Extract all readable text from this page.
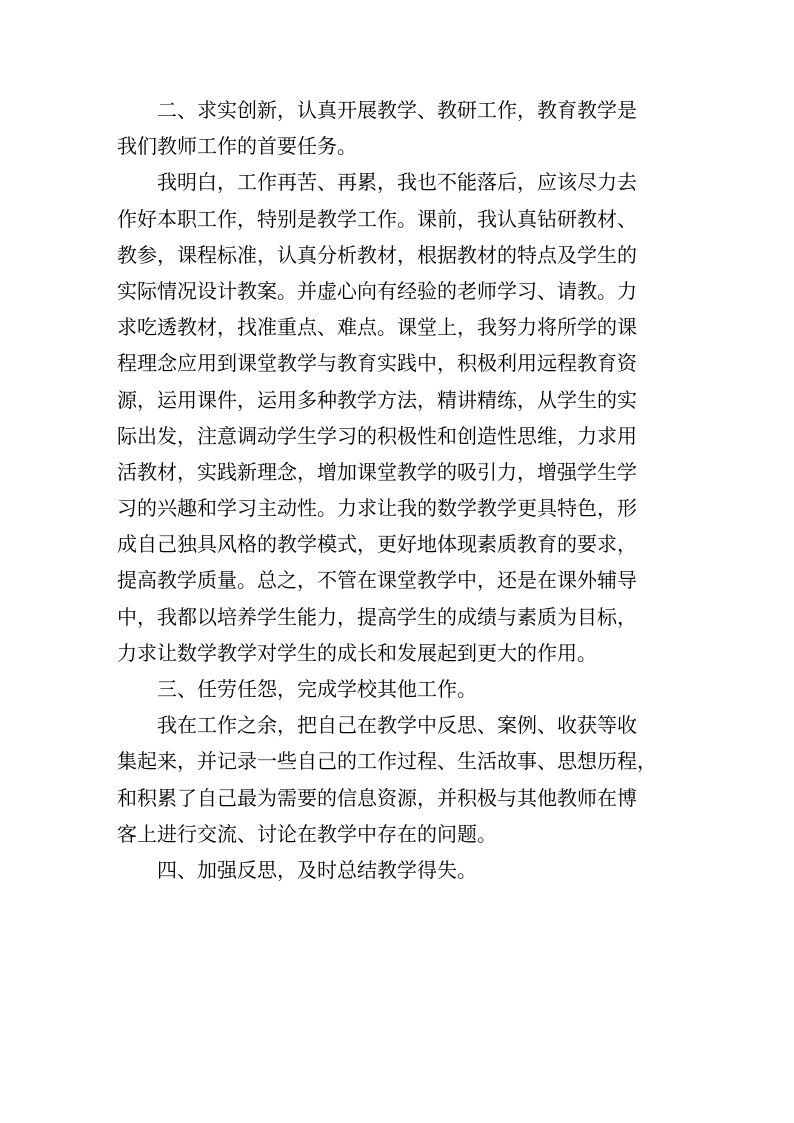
二、求实创新，认真开展教学、教研工作，教育教学是
我们教师工作的首要任务。
我明白，工作再苦、再累，我也不能落后，应该尽力去
作好本职工作，特别是教学工作。课前，我认真钻研教材、
教参，课程标准，认真分析教材，根据教材的特点及学生的
实际情况设计教案。并虚心向有经验的老师学习、请教。力
求吃透教材，找准重点、难点。课堂上，我努力将所学的课
程理念应用到课堂教学与教育实践中，积极利用远程教育资
源，运用课件，运用多种教学方法，精讲精练，从学生的实
际出发，注意调动学生学习的积极性和创造性思维，力求用
活教材，实践新理念，增加课堂教学的吸引力，增强学生学
习的兴趣和学习主动性。力求让我的数学教学更具特色，形
成自己独具风格的教学模式，更好地体现素质教育的要求，
提高教学质量。总之，不管在课堂教学中，还是在课外辅导
中，我都以培养学生能力，提高学生的成绩与素质为目标，
力求让数学教学对学生的成长和发展起到更大的作用。
三、任劳任怨，完成学校其他工作。
我在工作之余，把自己在教学中反思、案例、收获等收
集起来，并记录一些自己的工作过程、生活故事、思想历程，
和积累了自己最为需要的信息资源，并积极与其他教师在博
客上进行交流、讨论在教学中存在的问题。
四、加强反思，及时总结教学得失。
